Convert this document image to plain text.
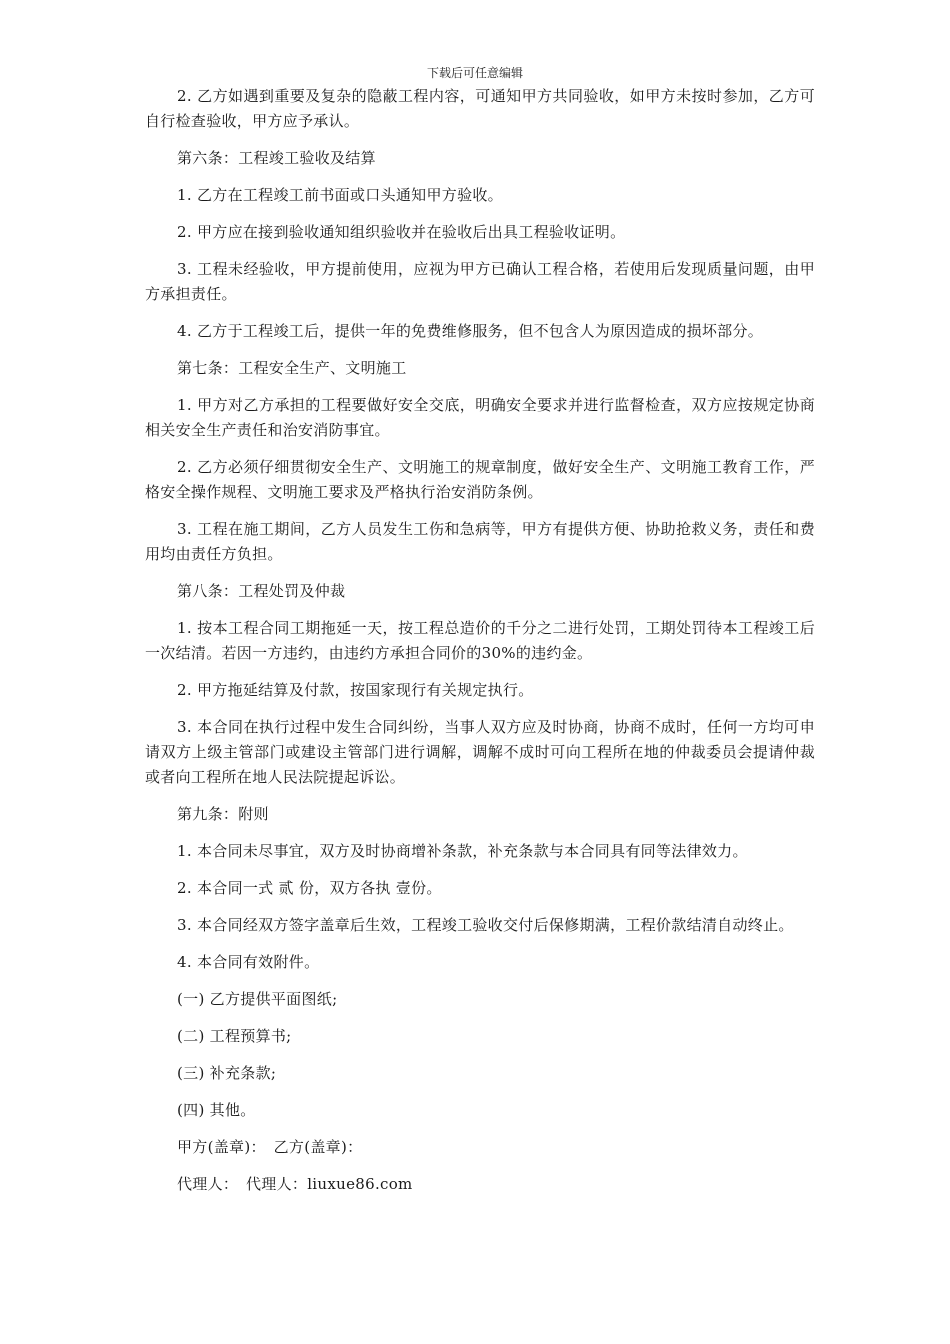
下载后可任意编辑

2. 乙方如遇到重要及复杂的隐蔽工程内容，可通知甲方共同验收，如甲方未按时参加，乙方可自行检查验收，甲方应予承认。

第六条：工程竣工验收及结算

1. 乙方在工程竣工前书面或口头通知甲方验收。

2. 甲方应在接到验收通知组织验收并在验收后出具工程验收证明。

3. 工程未经验收，甲方提前使用，应视为甲方已确认工程合格，若使用后发现质量问题，由甲方承担责任。

4. 乙方于工程竣工后，提供一年的免费维修服务，但不包含人为原因造成的损坏部分。

第七条：工程安全生产、文明施工

1. 甲方对乙方承担的工程要做好安全交底，明确安全要求并进行监督检查，双方应按规定协商相关安全生产责任和治安消防事宜。

2. 乙方必须仔细贯彻安全生产、文明施工的规章制度，做好安全生产、文明施工教育工作，严格安全操作规程、文明施工要求及严格执行治安消防条例。

3. 工程在施工期间，乙方人员发生工伤和急病等，甲方有提供方便、协助抢救义务，责任和费用均由责任方负担。

第八条：工程处罚及仲裁

1. 按本工程合同工期拖延一天，按工程总造价的千分之二进行处罚，工期处罚待本工程竣工后一次结清。若因一方违约，由违约方承担合同价的30%的违约金。

2. 甲方拖延结算及付款，按国家现行有关规定执行。

3. 本合同在执行过程中发生合同纠纷，当事人双方应及时协商，协商不成时，任何一方均可申请双方上级主管部门或建设主管部门进行调解，调解不成时可向工程所在地的仲裁委员会提请仲裁或者向工程所在地人民法院提起诉讼。

第九条：附则

1. 本合同未尽事宜，双方及时协商增补条款，补充条款与本合同具有同等法律效力。

2. 本合同一式 贰 份，双方各执 壹份。

3. 本合同经双方签字盖章后生效，工程竣工验收交付后保修期满，工程价款结清自动终止。

4. 本合同有效附件。

(一) 乙方提供平面图纸;

(二) 工程预算书;

(三) 补充条款;

(四) 其他。

甲方(盖章)：　乙方(盖章)：

代理人：　代理人：liuxue86.com
